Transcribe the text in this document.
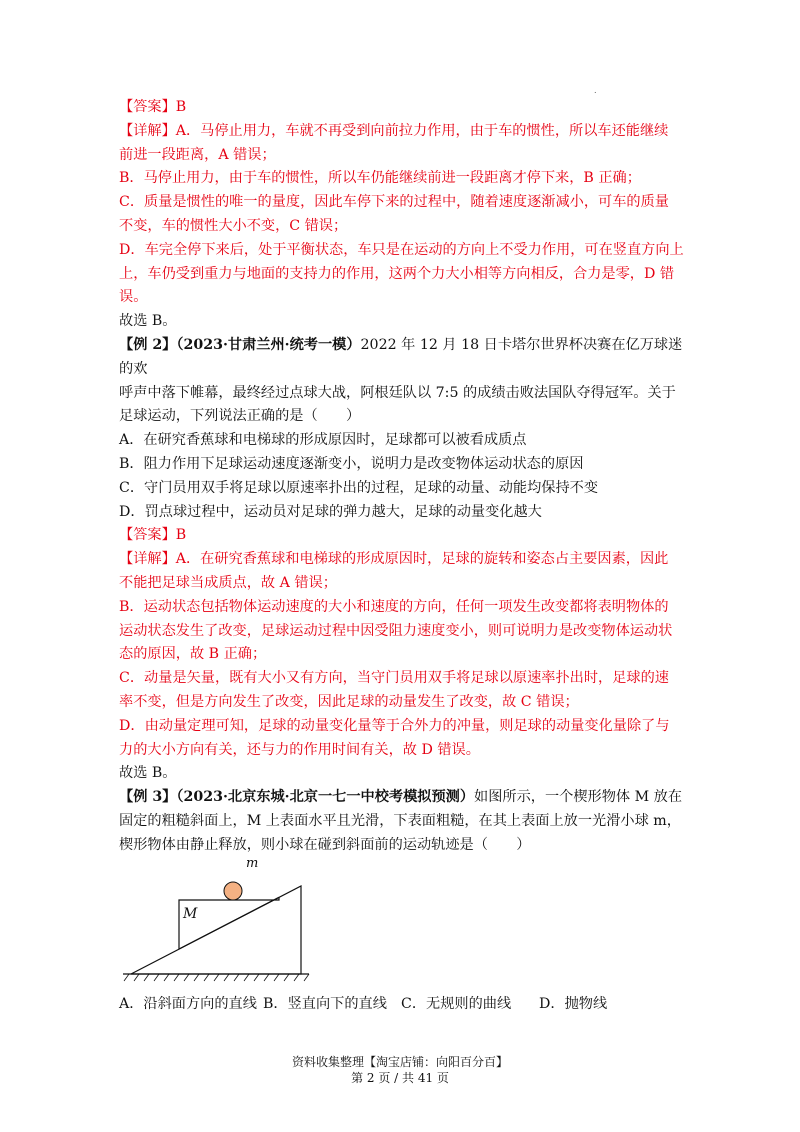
.

【答案】B

【详解】A．马停止用力，车就不再受到向前拉力作用，由于车的惯性，所以车还能继续

前进一段距离，A 错误；

B．马停止用力，由于车的惯性，所以车仍能继续前进一段距离才停下来，B 正确；

C．质量是惯性的唯一的量度，因此车停下来的过程中，随着速度逐渐减小，可车的质量

不变，车的惯性大小不变，C 错误；

D．车完全停下来后，处于平衡状态，车只是在运动的方向上不受力作用，可在竖直方向上

上，车仍受到重力与地面的支持力的作用，这两个力大小相等方向相反，合力是零，D 错

误。

故选 B。

【例 2】（2023·甘肃兰州·统考一模）2022 年 12 月 18 日卡塔尔世界杯决赛在亿万球迷的欢

呼声中落下帷幕，最终经过点球大战，阿根廷队以 7:5 的成绩击败法国队夺得冠军。关于

足球运动，下列说法正确的是（　　）

A．在研究香蕉球和电梯球的形成原因时，足球都可以被看成质点

B．阻力作用下足球运动速度逐渐变小，说明力是改变物体运动状态的原因

C．守门员用双手将足球以原速率扑出的过程，足球的动量、动能均保持不变

D．罚点球过程中，运动员对足球的弹力越大，足球的动量变化越大

【答案】B

【详解】A．在研究香蕉球和电梯球的形成原因时，足球的旋转和姿态占主要因素，因此

不能把足球当成质点，故 A 错误；

B．运动状态包括物体运动速度的大小和速度的方向，任何一项发生改变都将表明物体的

运动状态发生了改变，足球运动过程中因受阻力速度变小，则可说明力是改变物体运动状

态的原因，故 B 正确；

C．动量是矢量，既有大小又有方向，当守门员用双手将足球以原速率扑出时，足球的速

率不变，但是方向发生了改变，因此足球的动量发生了改变，故 C 错误；

D．由动量定理可知，足球的动量变化量等于合外力的冲量，则足球的动量变化量除了与

力的大小方向有关，还与力的作用时间有关，故 D 错误。

故选 B。

【例 3】（2023·北京东城·北京一七一中校考模拟预测）如图所示，一个楔形物体 M 放在

固定的粗糙斜面上，M 上表面水平且光滑，下表面粗糙，在其上表面上放一光滑小球 m，

楔形物体由静止释放，则小球在碰到斜面前的运动轨迹是（　　）

m
M
A．沿斜面方向的直线 B．竖直向下的直线 C．无规则的曲线	D．抛物线
资料收集整理【淘宝店铺：向阳百分百】
第 2 页 / 共 41 页
